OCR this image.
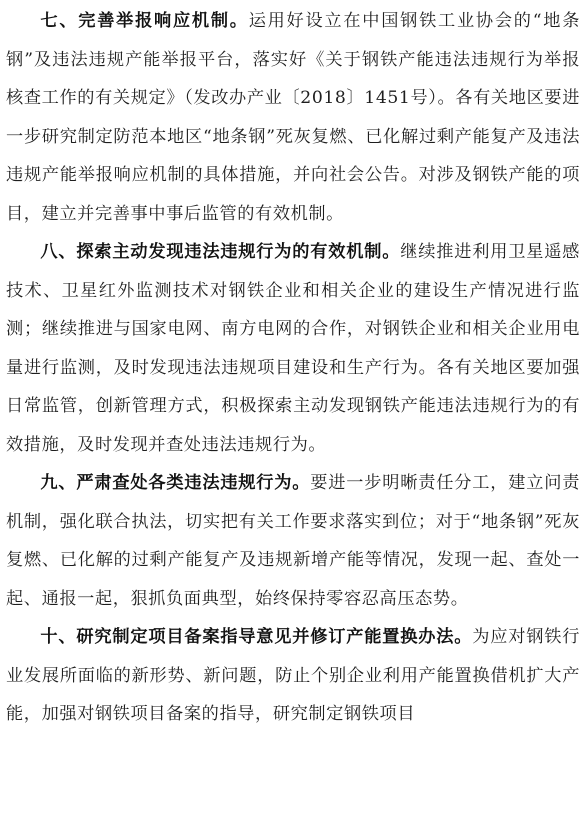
七、完善举报响应机制。运用好设立在中国钢铁工业协会的“地条钢”及违法违规产能举报平台，落实好《关于钢铁产能违法违规行为举报核查工作的有关规定》（发改办产业〔2018〕1451号）。各有关地区要进一步研究制定防范本地区“地条钢”死灰复燃、已化解过剩产能复产及违法违规产能举报响应机制的具体措施，并向社会公告。对涉及钢铁产能的项目，建立并完善事中事后监管的有效机制。

八、探索主动发现违法违规行为的有效机制。继续推进利用卫星遥感技术、卫星红外监测技术对钢铁企业和相关企业的建设生产情况进行监测；继续推进与国家电网、南方电网的合作，对钢铁企业和相关企业用电量进行监测，及时发现违法违规项目建设和生产行为。各有关地区要加强日常监管，创新管理方式，积极探索主动发现钢铁产能违法违规行为的有效措施，及时发现并查处违法违规行为。

九、严肃查处各类违法违规行为。要进一步明晰责任分工，建立问责机制，强化联合执法，切实把有关工作要求落实到位；对于“地条钢”死灰复燃、已化解的过剩产能复产及违规新增产能等情况，发现一起、查处一起、通报一起，狠抓负面典型，始终保持零容忍高压态势。

十、研究制定项目备案指导意见并修订产能置换办法。为应对钢铁行业发展所面临的新形势、新问题，防止个别企业利用产能置换借机扩大产能，加强对钢铁项目备案的指导，研究制定钢铁项目
